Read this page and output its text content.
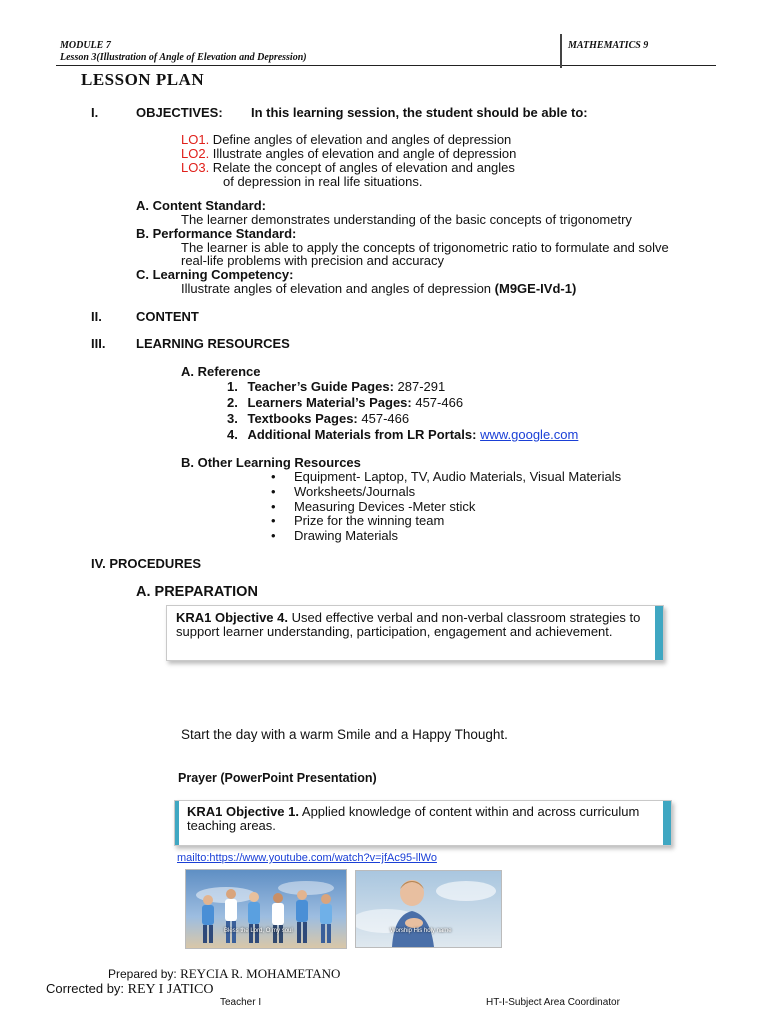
MODULE 7
Lesson 3(Illustration of Angle of Elevation and Depression)
MATHEMATICS 9
LESSON PLAN
I.	OBJECTIVES: In this learning session, the student should be able to:
LO1. Define angles of elevation and angles of depression
LO2. Illustrate angles of elevation and angle of depression
LO3. Relate the concept of angles of elevation and angles
of depression in real life situations.
A. Content Standard:
The learner demonstrates understanding of the basic concepts of trigonometry
B. Performance Standard:
The learner is able to apply the concepts of trigonometric ratio to formulate and solve
real-life problems with precision and accuracy
C. Learning Competency:
Illustrate angles of elevation and angles of depression (M9GE-IVd-1)
II.	CONTENT
III. LEARNING RESOURCES
A. Reference
1. Teacher’s Guide Pages: 287-291
2. Learners Material’s Pages: 457-466
3. Textbooks Pages: 457-466
4. Additional Materials from LR Portals: www.google.com
B. Other Learning Resources
• Equipment- Laptop, TV, Audio Materials, Visual Materials
• Worksheets/Journals
• Measuring Devices -Meter stick
• Prize for the winning team
• Drawing Materials
IV. PROCEDURES
A. PREPARATION
KRA1 Objective 4. Used effective verbal and non-verbal classroom strategies to support learner understanding, participation, engagement and achievement.
Start the day with a warm Smile and a Happy Thought.
Prayer (PowerPoint Presentation)
KRA1 Objective 1. Applied knowledge of content within and across curriculum teaching areas.
mailto:https://www.youtube.com/watch?v=jfAc95-llWo
Bless the Lord, O my soul	Worship His holy name
Prepared by: REYCIA R. MOHAMETANO
Corrected by: REY I JATICO
Teacher I	HT-I-Subject Area Coordinator
